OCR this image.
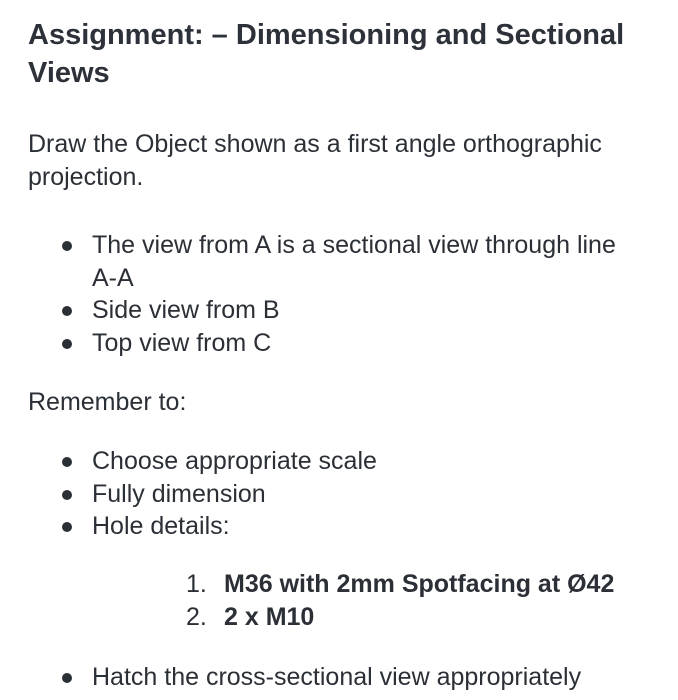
Assignment: – Dimensioning and Sectional Views

Draw the Object shown as a first angle orthographic projection.

The view from A is a sectional view through line A-A
Side view from B
Top view from C

Remember to:

Choose appropriate scale
Fully dimension
Hole details:
1. M36 with 2mm Spotfacing at Ø42
2. 2 x M10
Hatch the cross-sectional view appropriately
